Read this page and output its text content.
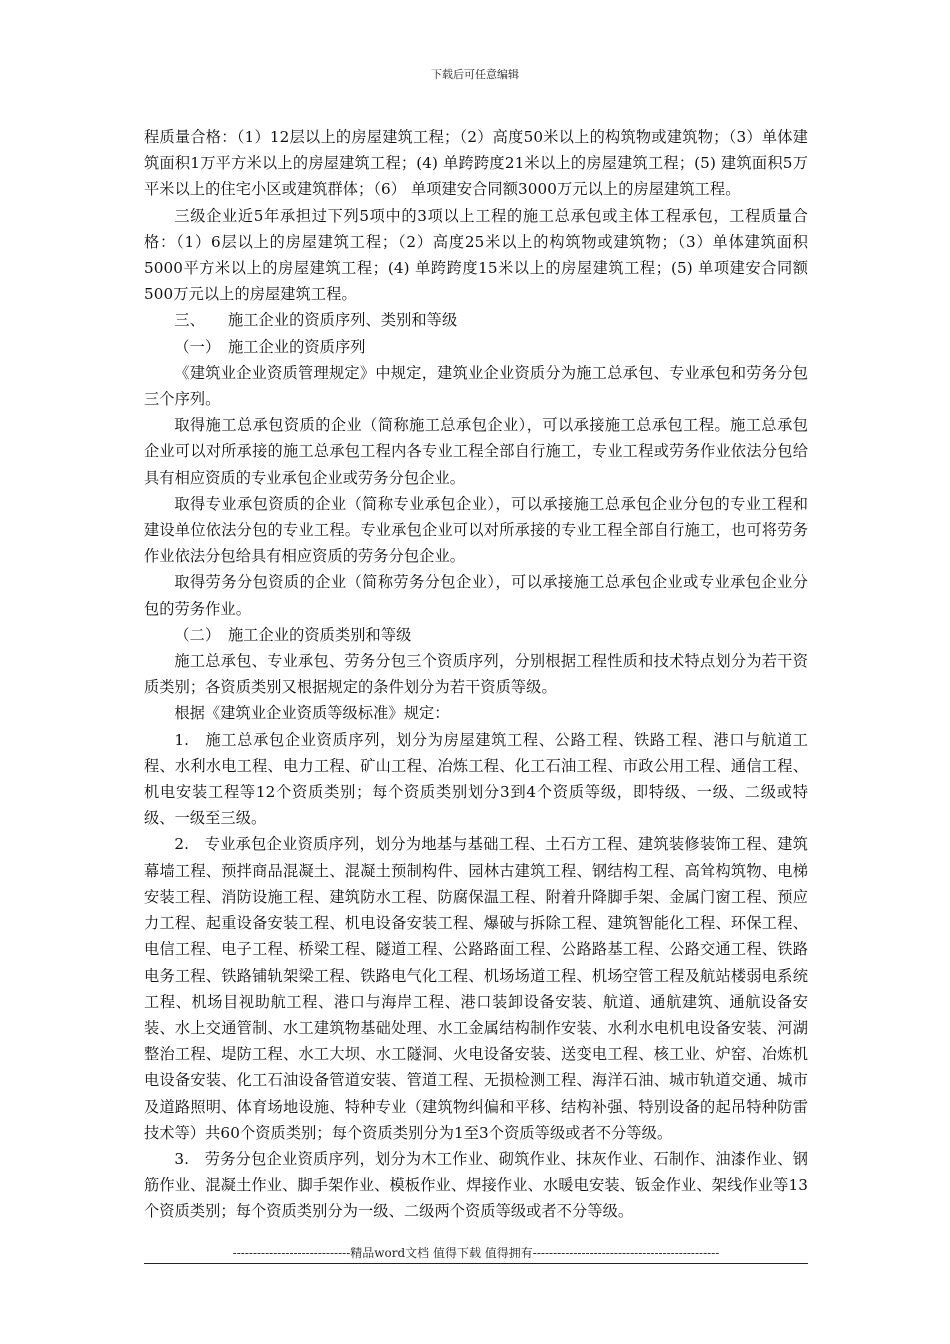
下载后可任意编辑

程质量合格：（1）12层以上的房屋建筑工程；（2）高度50米以上的构筑物或建筑物；（3）单体建筑面积1万平方米以上的房屋建筑工程；(4) 单跨跨度21米以上的房屋建筑工程；(5) 建筑面积5万平米以上的住宅小区或建筑群体；（6） 单项建安合同额3000万元以上的房屋建筑工程。

三级企业近5年承担过下列5项中的3项以上工程的施工总承包或主体工程承包，工程质量合格：（1）6层以上的房屋建筑工程；（2）高度25米以上的构筑物或建筑物；（3）单体建筑面积5000平方米以上的房屋建筑工程；(4) 单跨跨度15米以上的房屋建筑工程；(5) 单项建安合同额500万元以上的房屋建筑工程。

三、　　施工企业的资质序列、类别和等级

（一）　施工企业的资质序列

《建筑业企业资质管理规定》中规定，建筑业企业资质分为施工总承包、专业承包和劳务分包三个序列。

取得施工总承包资质的企业（简称施工总承包企业），可以承接施工总承包工程。施工总承包企业可以对所承接的施工总承包工程内各专业工程全部自行施工，专业工程或劳务作业依法分包给具有相应资质的专业承包企业或劳务分包企业。

取得专业承包资质的企业（简称专业承包企业），可以承接施工总承包企业分包的专业工程和建设单位依法分包的专业工程。专业承包企业可以对所承接的专业工程全部自行施工，也可将劳务作业依法分包给具有相应资质的劳务分包企业。

取得劳务分包资质的企业（简称劳务分包企业），可以承接施工总承包企业或专业承包企业分包的劳务作业。

（二）　施工企业的资质类别和等级

施工总承包、专业承包、劳务分包三个资质序列，分别根据工程性质和技术特点划分为若干资质类别；各资质类别又根据规定的条件划分为若干资质等级。

根据《建筑业企业资质等级标准》规定：

1.　施工总承包企业资质序列，划分为房屋建筑工程、公路工程、铁路工程、港口与航道工程、水利水电工程、电力工程、矿山工程、冶炼工程、化工石油工程、市政公用工程、通信工程、机电安装工程等12个资质类别；每个资质类别划分3到4个资质等级，即特级、一级、二级或特级、一级至三级。

2.　专业承包企业资质序列，划分为地基与基础工程、土石方工程、建筑装修装饰工程、建筑幕墙工程、预拌商品混凝土、混凝土预制构件、园林古建筑工程、钢结构工程、高耸构筑物、电梯安装工程、消防设施工程、建筑防水工程、防腐保温工程、附着升降脚手架、金属门窗工程、预应力工程、起重设备安装工程、机电设备安装工程、爆破与拆除工程、建筑智能化工程、环保工程、电信工程、电子工程、桥梁工程、隧道工程、公路路面工程、公路路基工程、公路交通工程、铁路电务工程、铁路铺轨架梁工程、铁路电气化工程、机场场道工程、机场空管工程及航站楼弱电系统工程、机场目视助航工程、港口与海岸工程、港口装卸设备安装、航道、通航建筑、通航设备安装、水上交通管制、水工建筑物基础处理、水工金属结构制作安装、水利水电机电设备安装、河湖整治工程、堤防工程、水工大坝、水工隧洞、火电设备安装、送变电工程、核工业、炉窑、冶炼机电设备安装、化工石油设备管道安装、管道工程、无损检测工程、海洋石油、城市轨道交通、城市及道路照明、体育场地设施、特种专业（建筑物纠偏和平移、结构补强、特别设备的起吊特种防雷技术等）共60个资质类别；每个资质类别分为1至3个资质等级或者不分等级。

3.　劳务分包企业资质序列，划分为木工作业、砌筑作业、抹灰作业、石制作、油漆作业、钢筋作业、混凝土作业、脚手架作业、模板作业、焊接作业、水暖电安装、钣金作业、架线作业等13个资质类别；每个资质类别分为一级、二级两个资质等级或者不分等级。

-----------------------------精品word文档 值得下载 值得拥有----------------------------------------------
